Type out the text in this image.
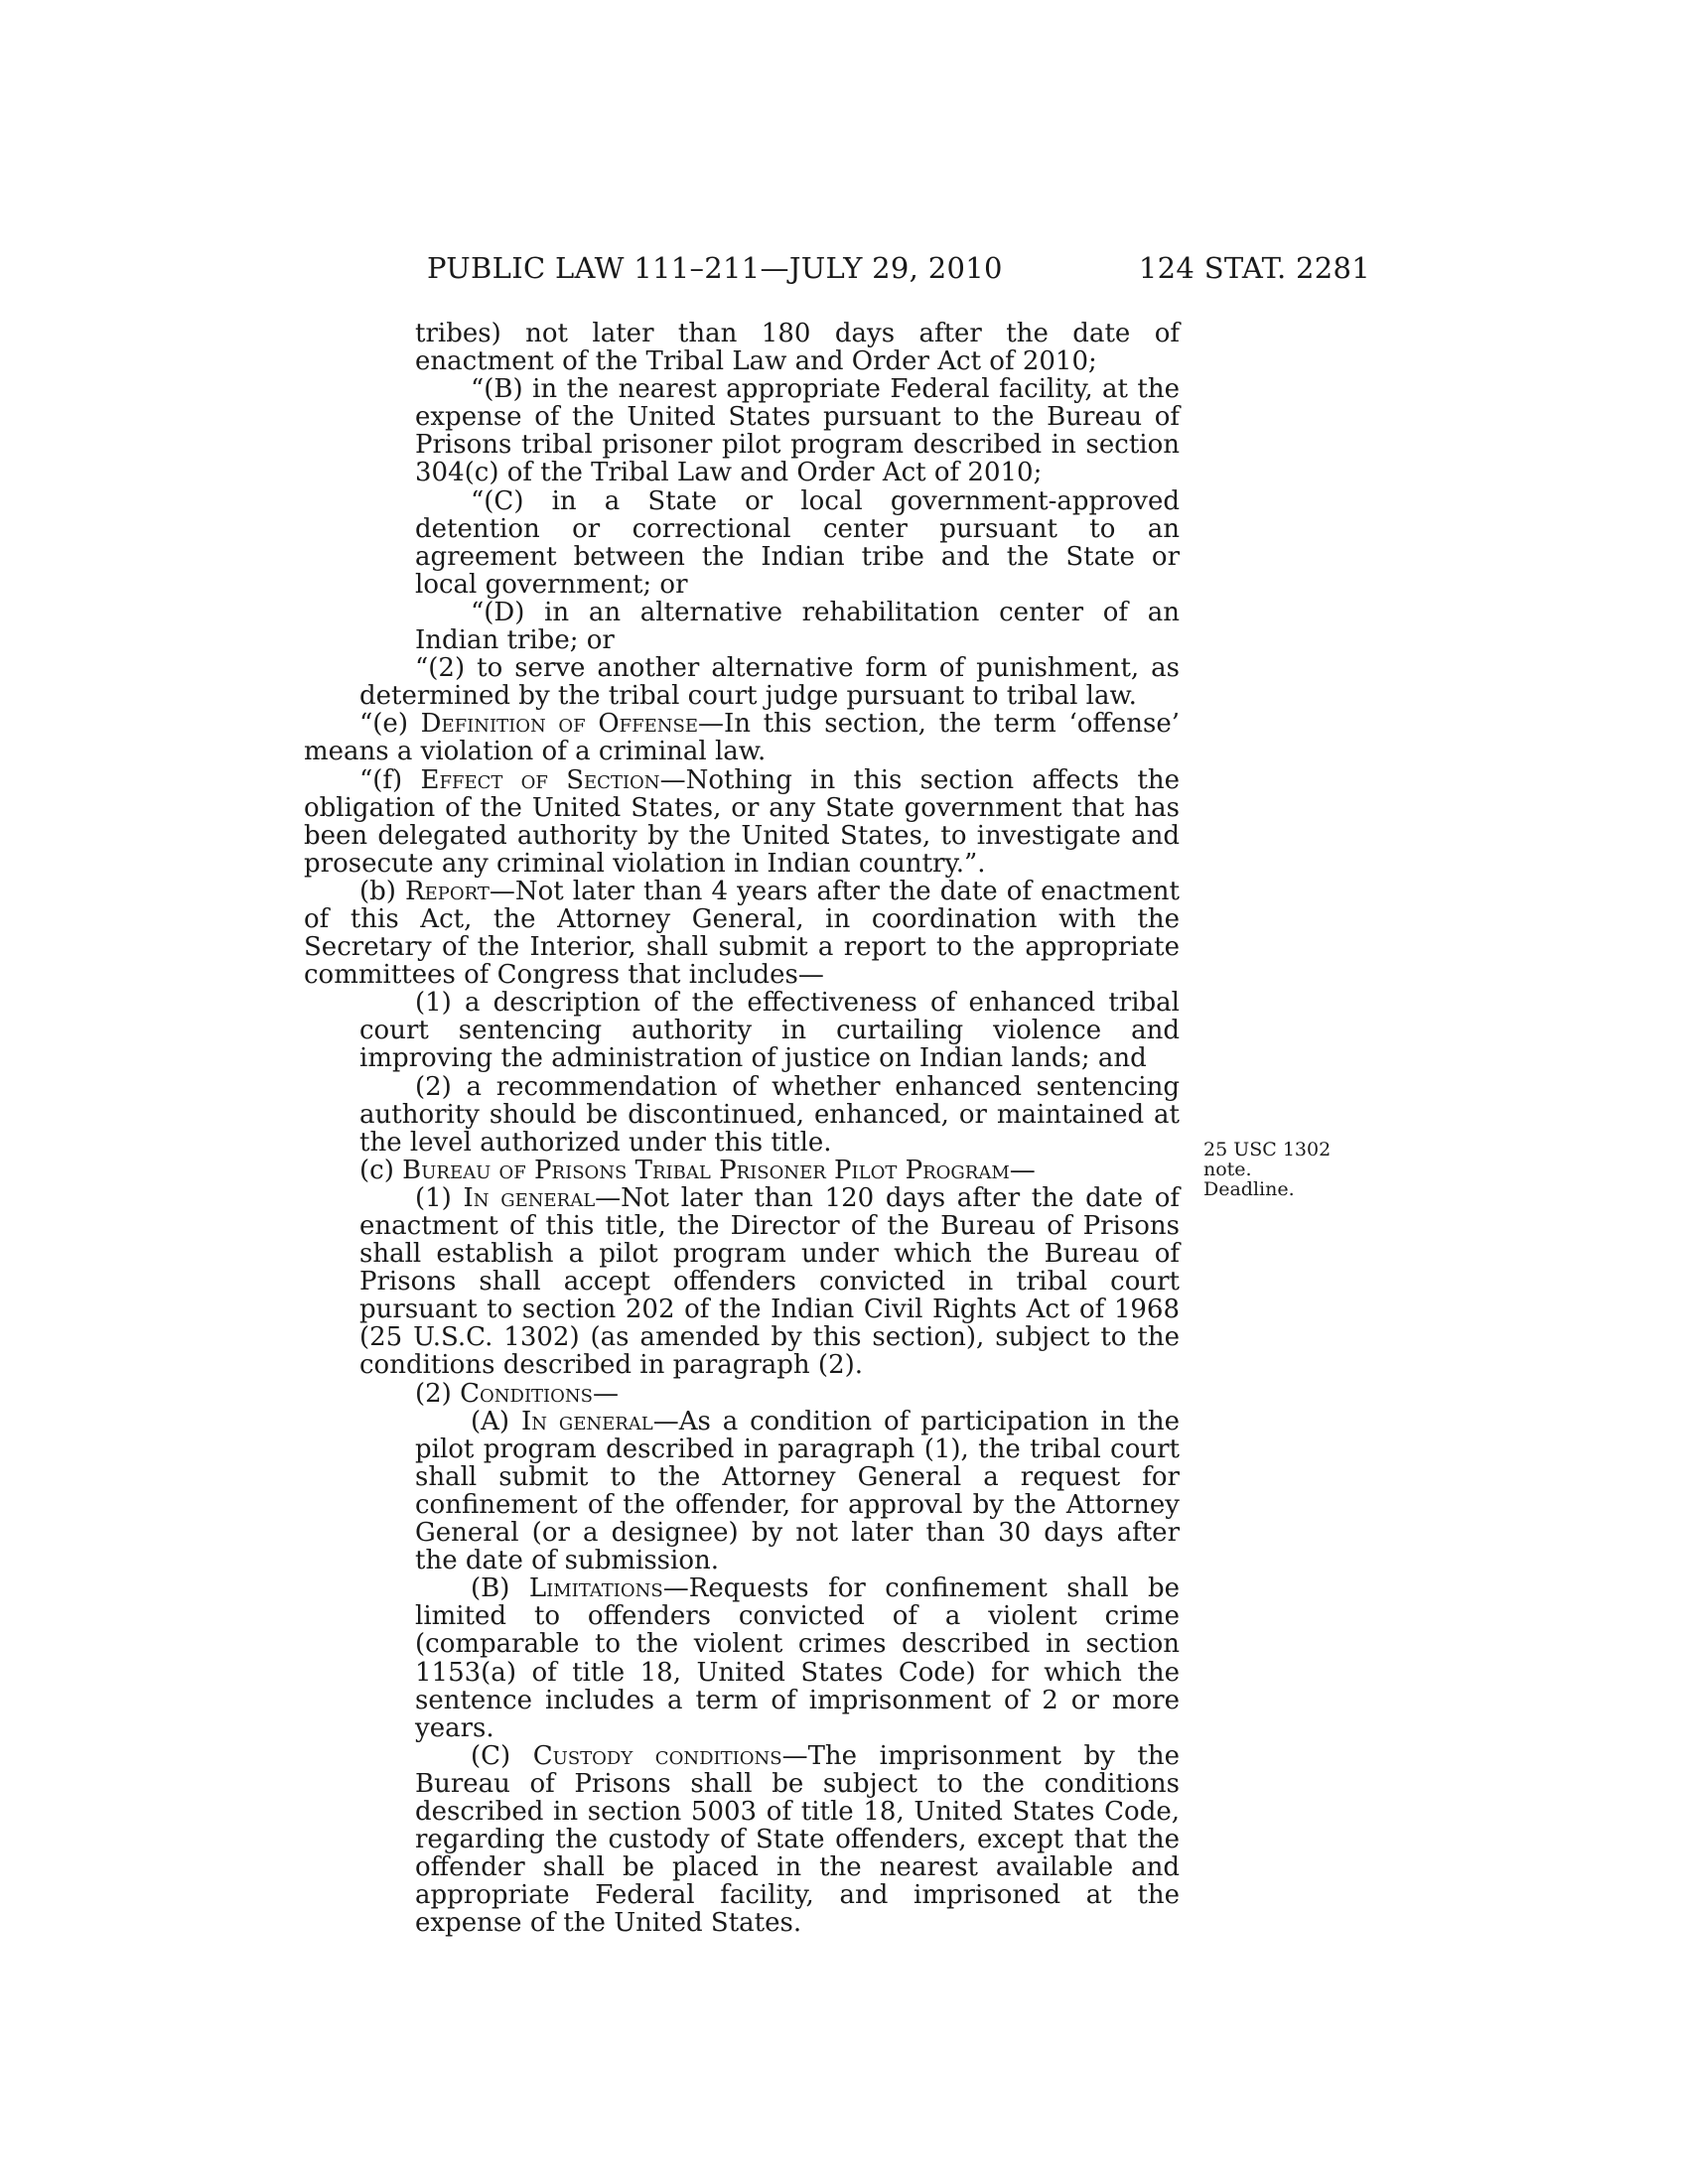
PUBLIC LAW 111–211—JULY 29, 2010	124 STAT. 2281

tribes) not later than 180 days after the date of enactment of the Tribal Law and Order Act of 2010;

“(B) in the nearest appropriate Federal facility, at the expense of the United States pursuant to the Bureau of Prisons tribal prisoner pilot program described in section 304(c) of the Tribal Law and Order Act of 2010;

“(C) in a State or local government-approved detention or correctional center pursuant to an agreement between the Indian tribe and the State or local government; or

“(D) in an alternative rehabilitation center of an Indian tribe; or

“(2) to serve another alternative form of punishment, as determined by the tribal court judge pursuant to tribal law.

“(e) Definition of Offense—In this section, the term ‘offense’ means a violation of a criminal law.

“(f) Effect of Section—Nothing in this section affects the obligation of the United States, or any State government that has been delegated authority by the United States, to investigate and prosecute any criminal violation in Indian country.”.

(b) Report—Not later than 4 years after the date of enactment of this Act, the Attorney General, in coordination with the Secretary of the Interior, shall submit a report to the appropriate committees of Congress that includes—

(1) a description of the effectiveness of enhanced tribal court sentencing authority in curtailing violence and improving the administration of justice on Indian lands; and

(2) a recommendation of whether enhanced sentencing authority should be discontinued, enhanced, or maintained at the level authorized under this title.

(c) Bureau of Prisons Tribal Prisoner Pilot Program—

(1) In general—Not later than 120 days after the date of enactment of this title, the Director of the Bureau of Prisons shall establish a pilot program under which the Bureau of Prisons shall accept offenders convicted in tribal court pursuant to section 202 of the Indian Civil Rights Act of 1968 (25 U.S.C. 1302) (as amended by this section), subject to the conditions described in paragraph (2).

(2) Conditions—

(A) In general—As a condition of participation in the pilot program described in paragraph (1), the tribal court shall submit to the Attorney General a request for confinement of the offender, for approval by the Attorney General (or a designee) by not later than 30 days after the date of submission.

(B) Limitations—Requests for confinement shall be limited to offenders convicted of a violent crime (comparable to the violent crimes described in section 1153(a) of title 18, United States Code) for which the sentence includes a term of imprisonment of 2 or more years.

(C) Custody conditions—The imprisonment by the Bureau of Prisons shall be subject to the conditions described in section 5003 of title 18, United States Code, regarding the custody of State offenders, except that the offender shall be placed in the nearest available and appropriate Federal facility, and imprisoned at the expense of the United States.

25 USC 1302
note.
Deadline.
